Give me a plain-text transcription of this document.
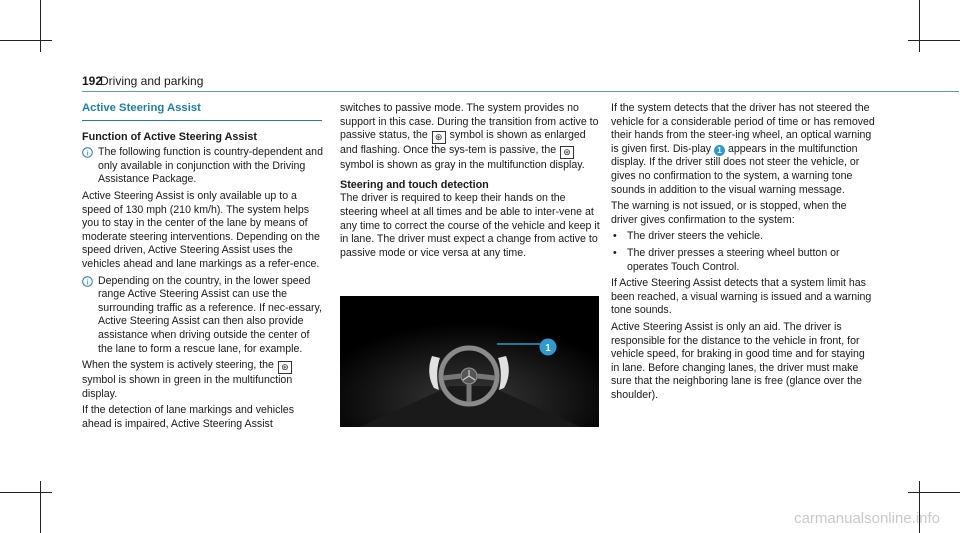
192
Driving and parking

Active Steering Assist

Function of Active Steering Assist

i The following function is country-dependent and only available in conjunction with the Driving Assistance Package.

Active Steering Assist is only available up to a speed of 130 mph (210 km/h). The system helps you to stay in the center of the lane by means of moderate steering interventions. Depending on the speed driven, Active Steering Assist uses the vehicles ahead and lane markings as a refer-ence.

i Depending on the country, in the lower speed range Active Steering Assist can use the surrounding traffic as a reference. If nec-essary, Active Steering Assist can then also provide assistance when driving outside the center of the lane to form a rescue lane, for example.

When the system is actively steering, the ⊛ symbol is shown in green in the multifunction display.

If the detection of lane markings and vehicles ahead is impaired, Active Steering Assist

switches to passive mode. The system provides no support in this case. During the transition from active to passive status, the ⊛ symbol is shown as enlarged and flashing. Once the sys-tem is passive, the ⊛ symbol is shown as gray in the multifunction display.

Steering and touch detection

The driver is required to keep their hands on the steering wheel at all times and be able to inter-vene at any time to correct the course of the vehicle and keep it in lane. The driver must expect a change from active to passive mode or vice versa at any time.

1

If the system detects that the driver has not steered the vehicle for a considerable period of time or has removed their hands from the steer-ing wheel, an optical warning is given first. Dis-play 1 appears in the multifunction display. If the driver still does not steer the vehicle, or gives no confirmation to the system, a warning tone sounds in addition to the visual warning message.

The warning is not issued, or is stopped, when the driver gives confirmation to the system:

• The driver steers the vehicle.

• The driver presses a steering wheel button or operates Touch Control.

If Active Steering Assist detects that a system limit has been reached, a visual warning is issued and a warning tone sounds.

Active Steering Assist is only an aid. The driver is responsible for the distance to the vehicle in front, for vehicle speed, for braking in good time and for staying in lane. Before changing lanes, the driver must make sure that the neighboring lane is free (glance over the shoulder).

carmanualsonline.info
